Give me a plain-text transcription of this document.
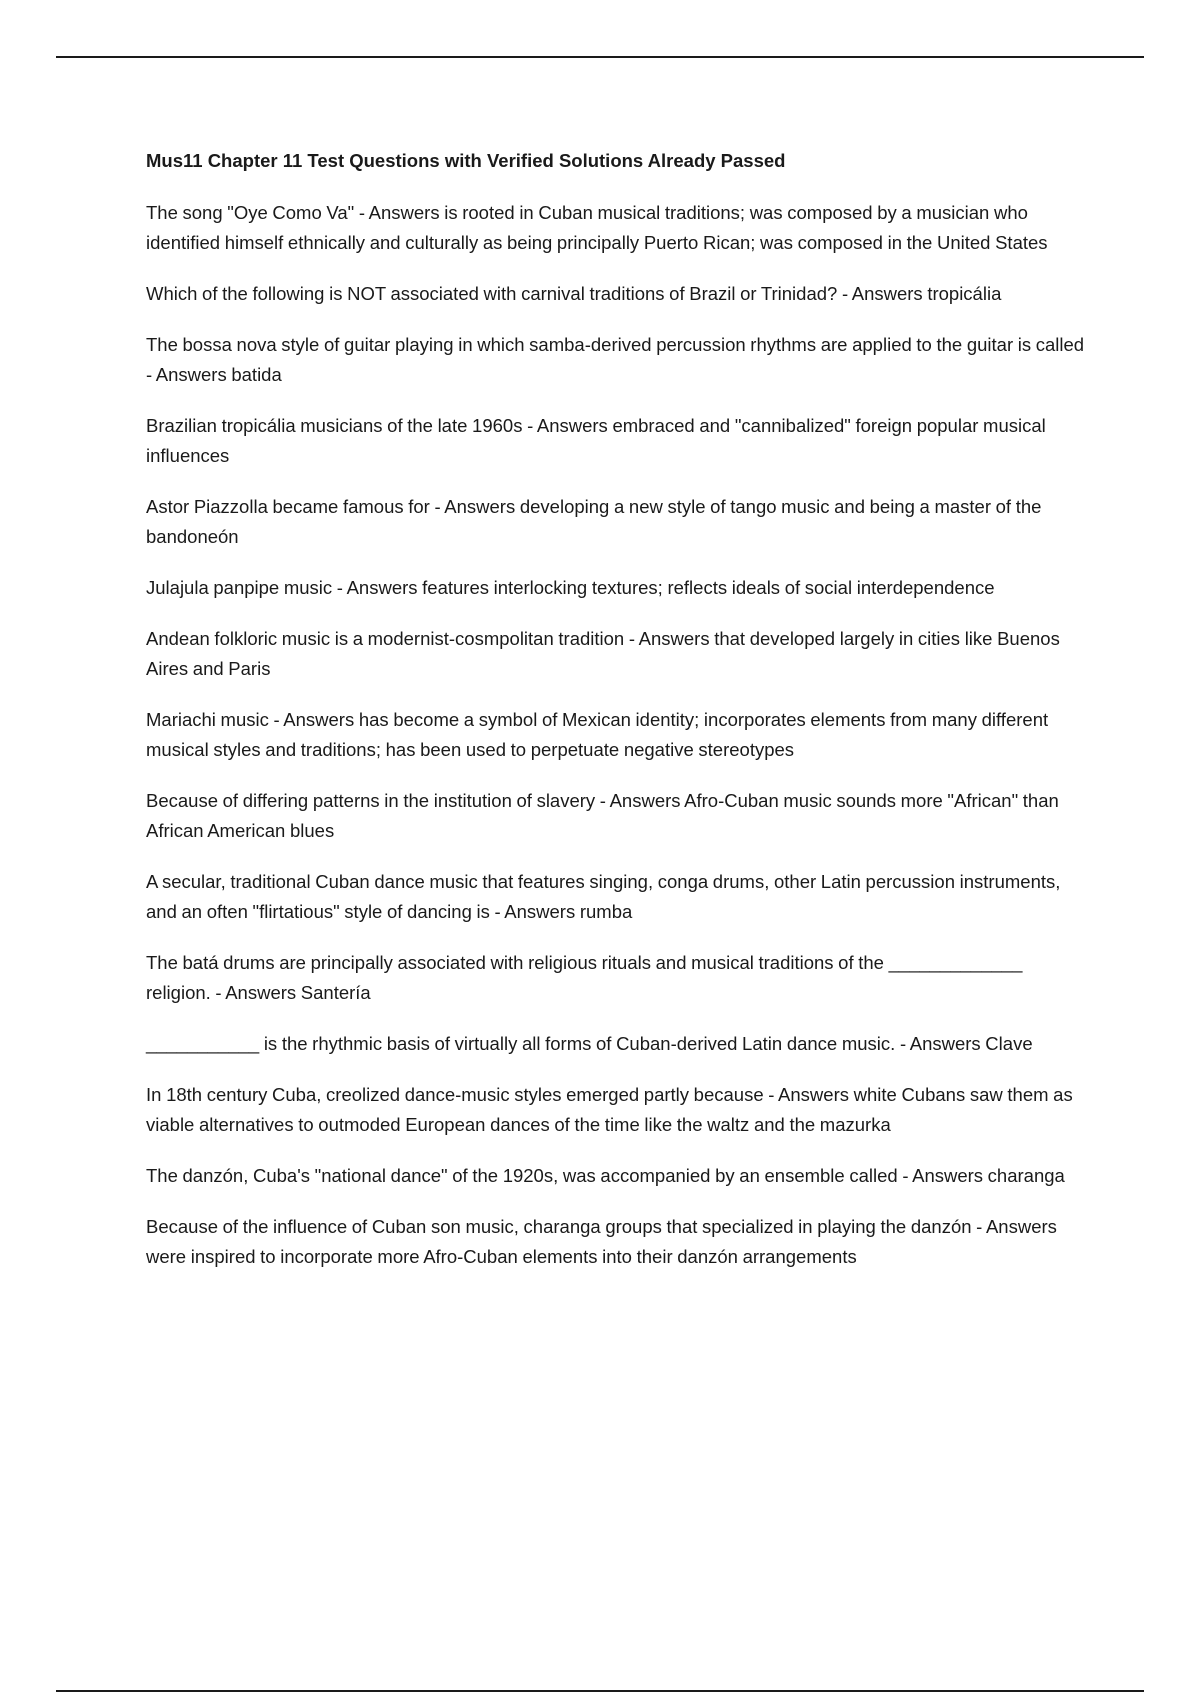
Mus11 Chapter 11 Test Questions with Verified Solutions Already Passed
The song "Oye Como Va" - Answers is rooted in Cuban musical traditions; was composed by a musician who identified himself ethnically and culturally as being principally Puerto Rican; was composed in the United States
Which of the following is NOT associated with carnival traditions of Brazil or Trinidad? - Answers tropicália
The bossa nova style of guitar playing in which samba-derived percussion rhythms are applied to the guitar is called - Answers batida
Brazilian tropicália musicians of the late 1960s - Answers embraced and "cannibalized" foreign popular musical influences
Astor Piazzolla became famous for - Answers developing a new style of tango music and being a master of the bandoneón
Julajula panpipe music - Answers features interlocking textures; reflects ideals of social interdependence
Andean folkloric music is a modernist-cosmpolitan tradition - Answers that developed largely in cities like Buenos Aires and Paris
Mariachi music - Answers has become a symbol of Mexican identity; incorporates elements from many different musical styles and traditions; has been used to perpetuate negative stereotypes
Because of differing patterns in the institution of slavery - Answers Afro-Cuban music sounds more "African" than African American blues
A secular, traditional Cuban dance music that features singing, conga drums, other Latin percussion instruments, and an often "flirtatious" style of dancing is - Answers rumba
The batá drums are principally associated with religious rituals and musical traditions of the _____________ religion. - Answers Santería
___________ is the rhythmic basis of virtually all forms of Cuban-derived Latin dance music. - Answers Clave
In 18th century Cuba, creolized dance-music styles emerged partly because - Answers white Cubans saw them as viable alternatives to outmoded European dances of the time like the waltz and the mazurka
The danzón, Cuba's "national dance" of the 1920s, was accompanied by an ensemble called - Answers charanga
Because of the influence of Cuban son music, charanga groups that specialized in playing the danzón - Answers were inspired to incorporate more Afro-Cuban elements into their danzón arrangements
